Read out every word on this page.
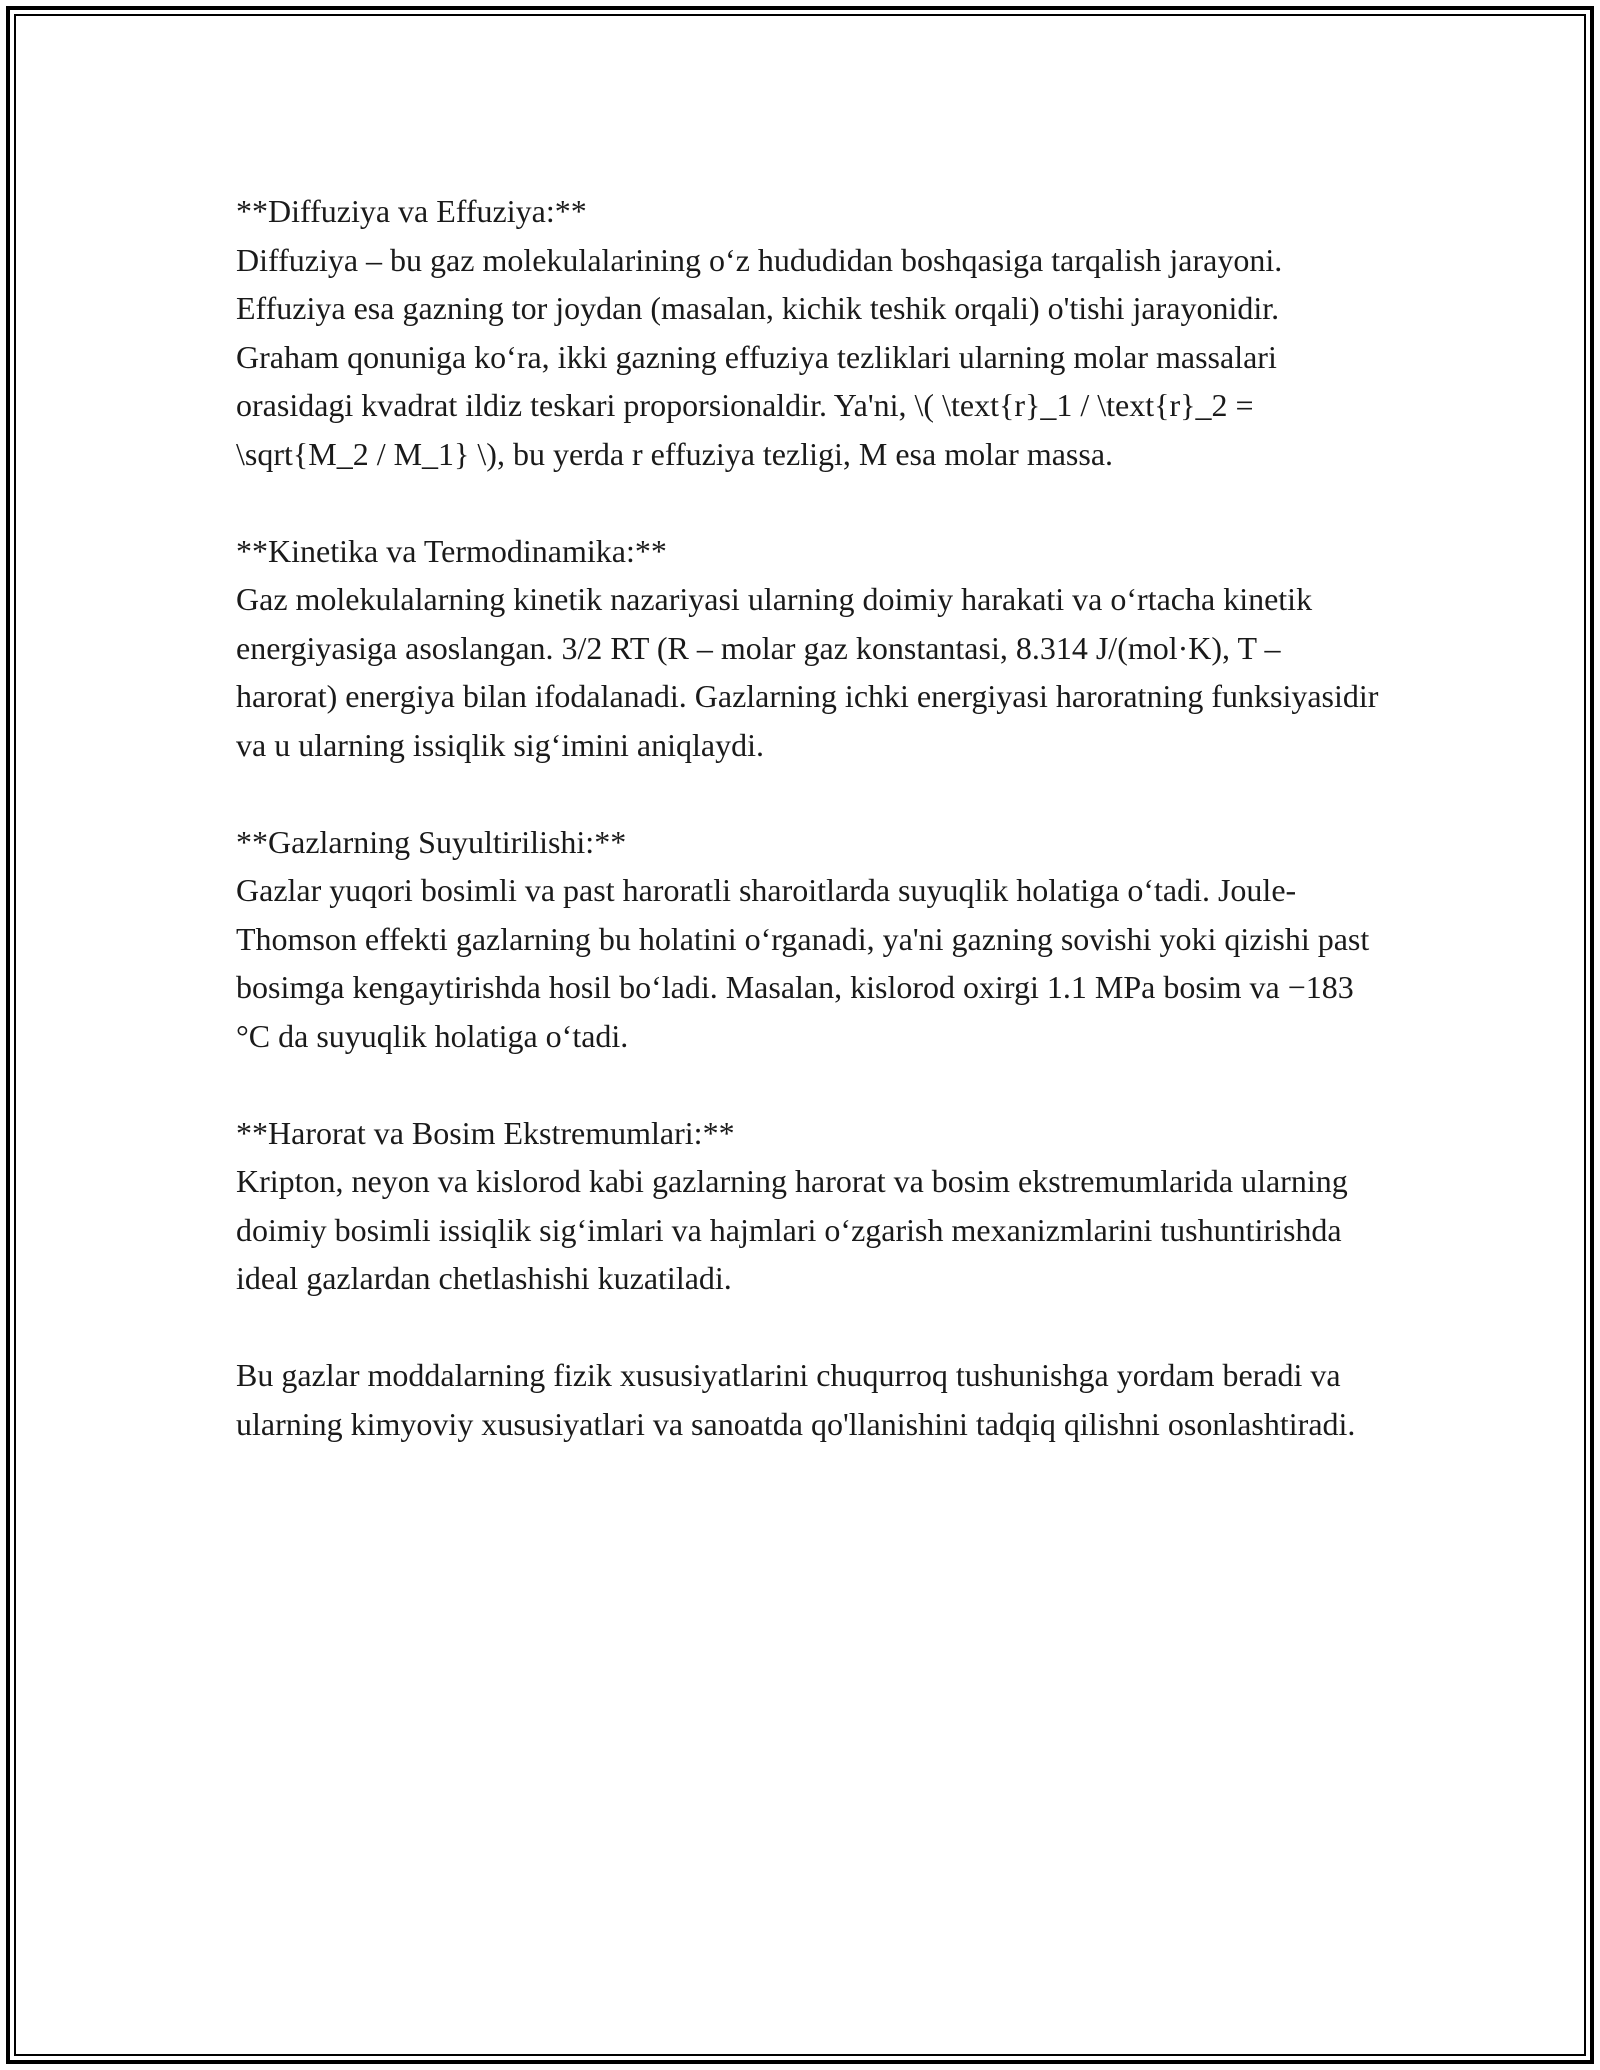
**Diffuziya va Effuziya:**
Diffuziya – bu gaz molekulalarining o‘z hududidan boshqasiga tarqalish jarayoni. Effuziya esa gazning tor joydan (masalan, kichik teshik orqali) o'tishi jarayonidir. Graham qonuniga ko‘ra, ikki gazning effuziya tezliklari ularning molar massalari orasidagi kvadrat ildiz teskari proporsionaldir. Ya'ni, \( \text{r}_1 / \text{r}_2 = \sqrt{M_2 / M_1} \), bu yerda r effuziya tezligi, M esa molar massa.
**Kinetika va Termodinamika:**
Gaz molekulalarning kinetik nazariyasi ularning doimiy harakati va o‘rtacha kinetik energiyasiga asoslangan. 3/2 RT (R – molar gaz konstantasi, 8.314 J/(mol·K), T – harorat) energiya bilan ifodalanadi. Gazlarning ichki energiyasi haroratning funksiyasidir va u ularning issiqlik sig‘imini aniqlaydi.
**Gazlarning Suyultirilishi:**
Gazlar yuqori bosimli va past haroratli sharoitlarda suyuqlik holatiga o‘tadi. Joule-Thomson effekti gazlarning bu holatini o‘rganadi, ya'ni gazning sovishi yoki qizishi past bosimga kengaytirishda hosil bo‘ladi. Masalan, kislorod oxirgi 1.1 MPa bosim va −183 °C da suyuqlik holatiga o‘tadi.
**Harorat va Bosim Ekstremumlari:**
Kripton, neyon va kislorod kabi gazlarning harorat va bosim ekstremumlarida ularning doimiy bosimli issiqlik sig‘imlari va hajmlari o‘zgarish mexanizmlarini tushuntirishda ideal gazlardan chetlashishi kuzatiladi.
Bu gazlar moddalarning fizik xususiyatlarini chuqurroq tushunishga yordam beradi va ularning kimyoviy xususiyatlari va sanoatda qo'llanishini tadqiq qilishni osonlashtiradi.
